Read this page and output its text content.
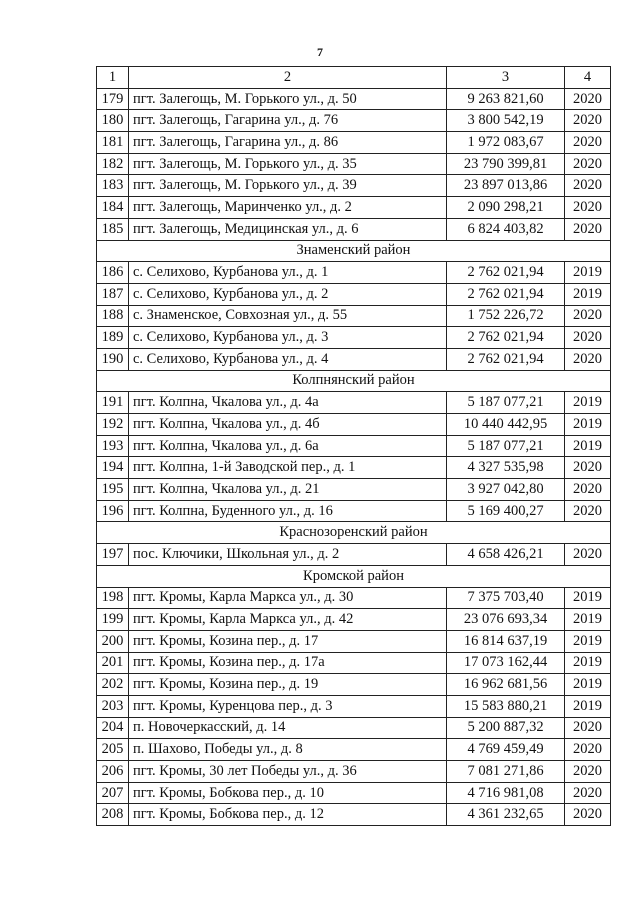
7
1	2	3	4
179	пгт. Залегощь, М. Горького ул., д. 50	9 263 821,60	2020
180	пгт. Залегощь, Гагарина ул., д. 76	3 800 542,19	2020
181	пгт. Залегощь, Гагарина ул., д. 86	1 972 083,67	2020
182	пгт. Залегощь, М. Горького ул., д. 35	23 790 399,81	2020
183	пгт. Залегощь, М. Горького ул., д. 39	23 897 013,86	2020
184	пгт. Залегощь, Маринченко ул., д. 2	2 090 298,21	2020
185	пгт. Залегощь, Медицинская ул., д. 6	6 824 403,82	2020
Знаменский район			
186	с. Селихово, Курбанова ул., д. 1	2 762 021,94	2019
187	с. Селихово, Курбанова ул., д. 2	2 762 021,94	2019
188	с. Знаменское, Совхозная ул., д. 55	1 752 226,72	2020
189	с. Селихово, Курбанова ул., д. 3	2 762 021,94	2020
190	с. Селихово, Курбанова ул., д. 4	2 762 021,94	2020
Колпнянский район			
191	пгт. Колпна, Чкалова ул., д. 4а	5 187 077,21	2019
192	пгт. Колпна, Чкалова ул., д. 4б	10 440 442,95	2019
193	пгт. Колпна, Чкалова ул., д. 6а	5 187 077,21	2019
194	пгт. Колпна, 1-й Заводской пер., д. 1	4 327 535,98	2020
195	пгт. Колпна, Чкалова ул., д. 21	3 927 042,80	2020
196	пгт. Колпна, Буденного ул., д. 16	5 169 400,27	2020
Краснозоренский район			
197	пос. Ключики, Школьная ул., д. 2	4 658 426,21	2020
Кромской район			
198	пгт. Кромы, Карла Маркса ул., д. 30	7 375 703,40	2019
199	пгт. Кромы, Карла Маркса ул., д. 42	23 076 693,34	2019
200	пгт. Кромы, Козина пер., д. 17	16 814 637,19	2019
201	пгт. Кромы, Козина пер., д. 17а	17 073 162,44	2019
202	пгт. Кромы, Козина пер., д. 19	16 962 681,56	2019
203	пгт. Кромы, Куренцова пер., д. 3	15 583 880,21	2019
204	п. Новочеркасский, д. 14	5 200 887,32	2020
205	п. Шахово, Победы ул., д. 8	4 769 459,49	2020
206	пгт. Кромы, 30 лет Победы ул., д. 36	7 081 271,86	2020
207	пгт. Кромы, Бобкова пер., д. 10	4 716 981,08	2020
208	пгт. Кромы, Бобкова пер., д. 12	4 361 232,65	2020
